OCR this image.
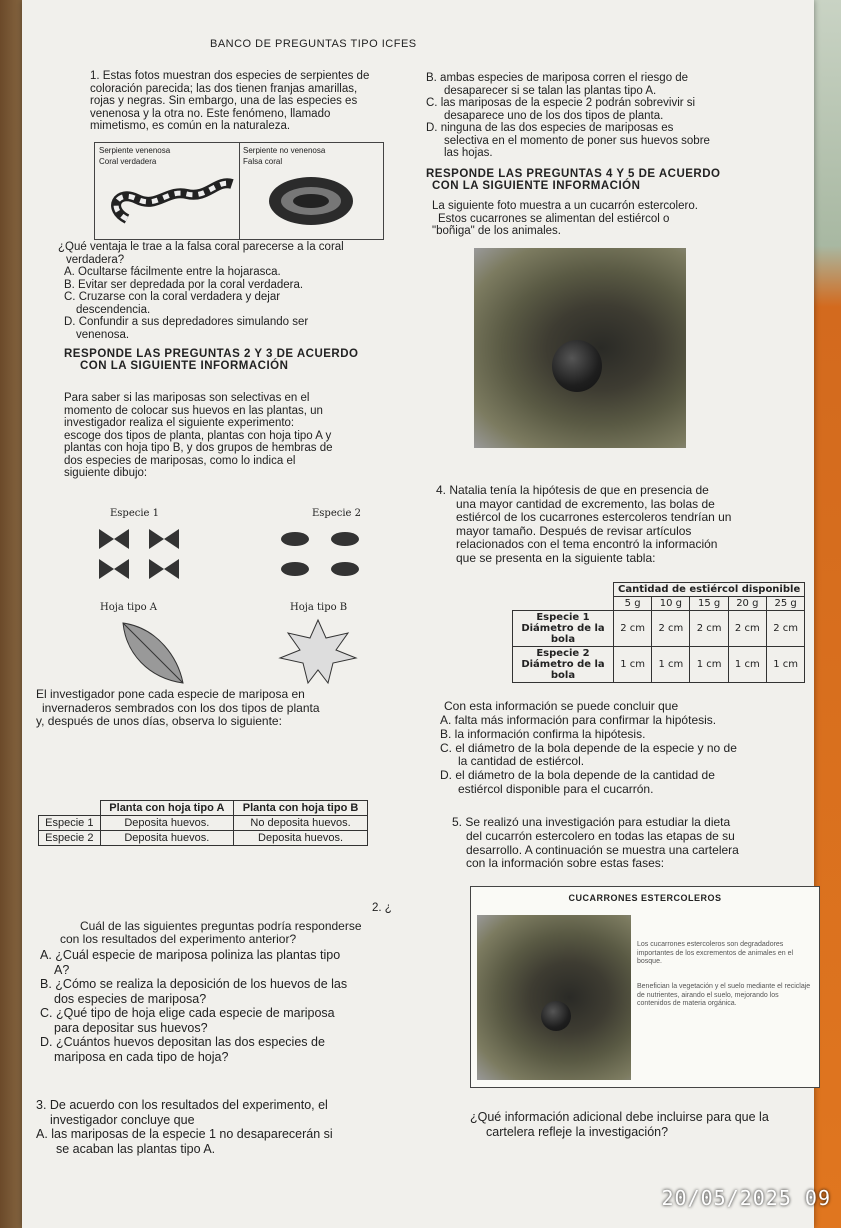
BANCO DE PREGUNTAS TIPO ICFES
1. Estas fotos muestran dos especies de serpientes de
coloración parecida; las dos tienen franjas amarillas,
rojas y negras. Sin embargo, una de las especies es
venenosa y la otra no. Este fenómeno, llamado
mimetismo, es común en la naturaleza.
Serpiente venenosa
Coral verdadera
Serpiente no venenosa
Falsa coral
¿Qué ventaja le trae a la falsa coral parecerse a la coral
verdadera?
A. Ocultarse fácilmente entre la hojarasca.
B. Evitar ser depredada por la coral verdadera.
C. Cruzarse con la coral verdadera y dejar
descendencia.
D. Confundir a sus depredadores simulando ser
venenosa.
RESPONDE LAS PREGUNTAS 2 Y 3 DE ACUERDO
CON LA SIGUIENTE INFORMACIÓN
Para saber si las mariposas son selectivas en el
momento de colocar sus huevos en las plantas, un
investigador realiza el siguiente experimento:
escoge dos tipos de planta, plantas con hoja tipo A y
plantas con hoja tipo B, y dos grupos de hembras de
dos especies de mariposas, como lo indica el
siguiente dibujo:
Especie 1	Especie 2
Hoja tipo A	Hoja tipo B
El investigador pone cada especie de mariposa en
invernaderos sembrados con los dos tipos de planta
y, después de unos días, observa lo siguiente:
	Planta con hoja tipo A	Planta con hoja tipo B
Especie 1	Deposita huevos.	No deposita huevos.
Especie 2	Deposita huevos.	Deposita huevos.
2. ¿
Cuál de las siguientes preguntas podría responderse
con los resultados del experimento anterior?
A. ¿Cuál especie de mariposa poliniza las plantas tipo
A?
B. ¿Cómo se realiza la deposición de los huevos de las
dos especies de mariposa?
C. ¿Qué tipo de hoja elige cada especie de mariposa
para depositar sus huevos?
D. ¿Cuántos huevos depositan las dos especies de
mariposa en cada tipo de hoja?
3. De acuerdo con los resultados del experimento, el
investigador concluye que
A. las mariposas de la especie 1 no desaparecerán si
se acaban las plantas tipo A.
B. ambas especies de mariposa corren el riesgo de
desaparecer si se talan las plantas tipo A.
C. las mariposas de la especie 2 podrán sobrevivir si
desaparece uno de los dos tipos de planta.
D. ninguna de las dos especies de mariposas es
selectiva en el momento de poner sus huevos sobre
las hojas.
RESPONDE LAS PREGUNTAS 4 Y 5 DE ACUERDO
CON LA SIGUIENTE INFORMACIÓN
La siguiente foto muestra a un cucarrón estercolero.
Estos cucarrones se alimentan del estiércol o
"boñiga" de los animales.
4. Natalia tenía la hipótesis de que en presencia de
una mayor cantidad de excremento, las bolas de
estiércol de los cucarrones estercoleros tendrían un
mayor tamaño. Después de revisar artículos
relacionados con el tema encontró la información
que se presenta en la siguiente tabla:
	Cantidad de estiércol disponible				
	5 g	10 g	15 g	20 g	25 g
Especie 1 Diámetro de la bola	2 cm	2 cm	2 cm	2 cm	2 cm
Especie 2 Diámetro de la bola	1 cm	1 cm	1 cm	1 cm	1 cm
Con esta información se puede concluir que
A. falta más información para confirmar la hipótesis.
B. la información confirma la hipótesis.
C. el diámetro de la bola depende de la especie y no de
la cantidad de estiércol.
D. el diámetro de la bola depende de la cantidad de
estiércol disponible para el cucarrón.
5. Se realizó una investigación para estudiar la dieta
del cucarrón estercolero en todas las etapas de su
desarrollo. A continuación se muestra una cartelera
con la información sobre estas fases:
CUCARRONES ESTERCOLEROS
Los cucarrones estercoleros son degradadores importantes de los excrementos de animales en el bosque.
Benefician la vegetación y el suelo mediante el reciclaje de nutrientes, airando el suelo, mejorando los contenidos de materia orgánica.
¿Qué información adicional debe incluirse para que la
cartelera refleje la investigación?
20/05/2025 09
